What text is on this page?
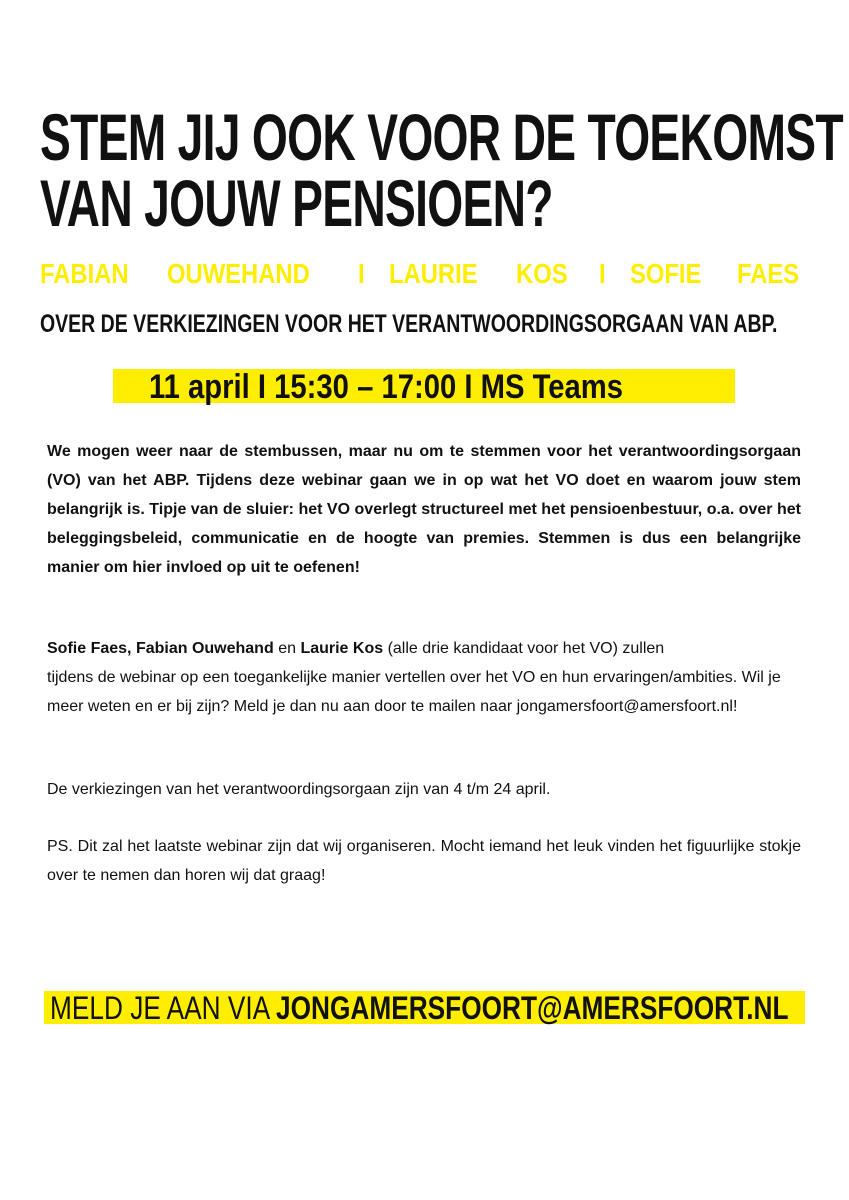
STEM JIJ OOK VOOR DE TOEKOMST
VAN JOUW PENSIOEN?
FABIAN OUWEHAND I LAURIE KOS I SOFIE FAES
OVER DE VERKIEZINGEN VOOR HET VERANTWOORDINGSORGAAN VAN ABP.
11 april I 15:30 – 17:00 I MS Teams

We mogen weer naar de stembussen, maar nu om te stemmen voor het verantwoordingsorgaan (VO) van het ABP. Tijdens deze webinar gaan we in op wat het VO doet en waarom jouw stem belangrijk is. Tipje van de sluier: het VO overlegt structureel met het pensioenbestuur, o.a. over het beleggingsbeleid, communicatie en de hoogte van premies. Stemmen is dus een belangrijke manier om hier invloed op uit te oefenen!

Sofie Faes, Fabian Ouwehand en Laurie Kos (alle drie kandidaat voor het VO) zullen
tijdens de webinar op een toegankelijke manier vertellen over het VO en hun ervaringen/ambities. Wil je meer weten en er bij zijn? Meld je dan nu aan door te mailen naar jongamersfoort@amersfoort.nl!

De verkiezingen van het verantwoordingsorgaan zijn van 4 t/m 24 april.

PS. Dit zal het laatste webinar zijn dat wij organiseren. Mocht iemand het leuk vinden het figuurlijke stokje over te nemen dan horen wij dat graag!

MELD JE AAN VIA JONGAMERSFOORT@AMERSFOORT.NL
